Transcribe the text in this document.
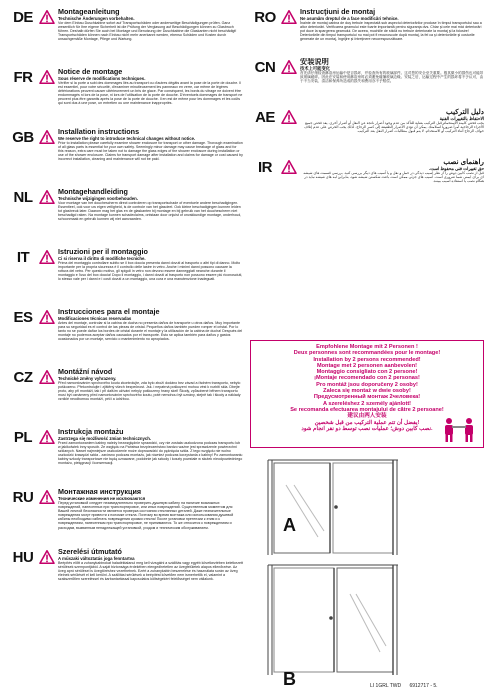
DE	Montageanleitung
Technische Änderungen vorbehalten.
Vor dem Einbau Duschkabine sofort auf Transportschäden oder anderweitige Beschädigungen prüfen. Ganz wesentlich für Ihre eigene Sicherheit ist die Prüfung der Verglasung auf Beschädigungen können zu Glasbruch führen. Deshalb dürfen Sie auch bei Montage und Benutzung der Duschkabine die Glaskanten nicht beschädigt! Transportschäden können nach Einbau nicht mehr anerkannt werden, ebenso Schäden und Kosten durch unsachgemäße Montage, Pflege und Wartung.
FR	Notice de montage
Sous réserve de modifications techniques.
Vérifier si la porte a subi des dommages liés au transport ou d'autres dégâts avant la pose de la porte de douche. Il est essentiel, pour votre sécurité, d'examiner minutieusement les panneaux en verre, car même de légères détériorations peuvent causer ultérieurement un bris de glace. Par conséquent, les bords du vitrage ne doivent être endommagés ni lors de la pose, ni lors de l'utilisation de la porte de douche. D'éventuels dommages de transport ne peuvent plus être garantis après la pose de la porte de douche. Il en est de même pour les dommages et les coûts qui sont dus à une pose, un entretien ou une maintenance inappropriés.
GB	Installation instructions
We reserve the right to introduce technical changes without notice.
Prior to installation please carefully examine shower enclosure for transport or other damage. Thorough examination of all glass parts is essential for your own safety. Seemingly minor damage may cause breakage of glass and for this reason, extra care must be taken not to damage the glass edges of the shower enclosure during installation or use of the shower enclosure. Claims for transport damage after installation and claims for damage or cost caused by incorrect installation, cleaning and maintenance will not be paid.
NL	Montagehandleiding
Technische wijzigingen voorbehouden.
Voor montage van het douchescherm direct controleren op transportschade of eventuele andere beschadigingen. Essentieel, ook voor uw eigen veiligheid, is de controle van het glasdeel. Ook kleine beschadigingen kunnen leiden tot glasbreuk later. Daarom mag het glas en de glaskanten bij montage en bij gebruik van het douchescherm niet beschadigd raken. Na montage kunnen schadeclaims, ontstaan door onjuist of onvakkundige montage, onderhoud, schoonmaak en gebruik kunnen wij niet aanvaarden.
IT	Istruzioni per il montaggio
Ci si riserva il diritto di modifiche tecniche.
Prima del montaggio controllare subito se il box doccia presenta danni dovuti al trasporto o altri tipi di danno. Molto importante per la propria sicurezza è il controllo delle lastre in vetro. Anche i minimi danni possono causare la rottura del vetro. Per questo motivo, gli spigoli in vetro non devono essere danneggiati neanche durante il montaggio e l'uso del box doccia! Dopo il montaggio, i danni dovuti al trasporto non possono essere più riconosciuti, lo stesso vale per i danni e i costi dovuti a un montaggio, una cura e una manutenzione inadeguati.
ES	Instrucciones para el montaje
Modificaciones técnicas reservadas
Antes del montaje, controlar si la cabina de ducha no presenta daños de transporte u otros daños. Muy importante para su seguridad es el control de las piezas de cristal. Pequeños daños también pueden romper el cristal. Por lo tanto no se puede dañar los bordes de cristal durante el montaje y la utilización de la cabina de ducha! Después del montaje no podemos aceptar daños causados por el transporte. Esto se aplica también para daños y gastos ocasionados por un montaje, servicio o mantenimiento no apropiados.
CZ	Montážní návod
Technické změny vyhrazeny.
Před namontováním sprchového koutu zkontrolujte, zda bylo zboží dodáno bez závad a řádném transportu, nebylo poškozeno. Překontrolujte i zjištěný všech bezpečnost. Jsk. i nepatrná poškození mohou vést k rozbití skla. Dbejte proto, aby při montáži, tak i při dalším užívání nebyly poškozeny hrany skel! Škody, způsobené během transportu musí být oznámeny před namontováním sprchového koutu, poté nemohou být uznány, stejně tak i škody a náklady vzniklé neodbornou montáží, péčí a údržbou.
PL	Instrukcja montażu
Zastrzega się możliwość zmian technicznych.
Przed zamontowaniem kabiny należy bezwzględnie sprawdzić, czy nie została uszkodzona podczas transportu lub w jakikolwiek inny sposób. Ze względu na Państwa bezpieczeństwo bardzo ważne jest sprawdzenie powierzchni szklanych. Nawet najmniejsze uszkodzenie może doprowadzić do pęknięcia szkła. Z tego względu nie wolno uszkodzić krawędzi szkła - zarówno podczas montażu, jak również podczas korzystania z kabiny! Po zamontowaniu kabiny szkody transportowe nie będą uznawane, podobnie jak szkody i koszty powstałe w skutek nieodpowiedniego montażu, pielęgnacji i konserwacji.
RU	Монтажная инструкция
Технические изменения не исключаются
Перед установкой следует незамедлительно проверить душевую кабину на наличие возможных повреждений, нанесенных при транспортировке, или иных повреждений. Существенным моментом для Вашей личной безопасности является проверка состояния стеклянных деталей. Даже незначительные повреждения могут привести к поломке стекла. Поэтому во время монтажа или использования душевой кабины необходимо избегать повреждения кромки стекла! После установки претензии к этим и к повреждениям, нанесенным при транспортировке, не принимаются. То же относится к повреждениям и расходам, вызванным ненадлежащей установкой, уходом и техническим обслуживанием.
HU	Szerelési útmutató
A műszaki változtatás joga fenntartva
Beépítés előtt a zuhanykabinokat haladéktalanul meg kell vizsgálni a szállítás vagy egyéb következtében keletkezett sérülések szempontjából. A saját biztonsága érdekében elengedhetetlen az üvegfelületek alapos ellenőrzése. Az üveg apró sérülései is üvegtöréshez vezethetnek. Ezért a zuhanykabin beszerelése és használata során az üveg éleinek sérülését el kell kerülni. A szállítási sérülések a beépítést követően nem ismerhetők el, valamint a szakszerűtlen szereléssel és karbantartással kapcsolatos költségekért felelősséget nem vállalunk.
RO	Instrucţiuni de montaj
Ne asumăm dreptul de a face modificări tehnice.
Înainte de montaj cabina de duş trebuie inspectată sub aspectul deteriorărilor produse în timpul transportului sau a altor deteriorări. Verificarea geamului este foarte importantă pentru siguranţa dvs. Chiar şi cele mai mici deteriorări pot duce la spargerea geamului. De aceea, muchiile de sticlă nu trebuie deteriorate la montaj şi la folosire! Deteriorările din timpul transportului nu mai pot fi recunoscute după montaj, la fel ca şi deteriorările şi costurile generate de un montaj, îngrijire şi întreţinere necorespunzătoare.
CN	安装说明
技术上可能变化
首先请仔细检查淋浴房运输中是否损坏，并检查所有的玻璃部件。这对您的安全至关重要。极其微小的损伤也可能导致玻璃破碎。因此在安装和使用淋浴房时必须避免碰撞玻璃边缘。安装之后，运输过程中产生的损坏将不予认可，由于不当安装、清洁和保养所造成的损失和费用亦不予赔偿。
AE	دليل التركيب
الاحتفاظ بالتغييرات الفنية
يجب فحص كابينة الاستحمام قبل التركيب بعناية للتأكد من عدم وجود أضرار ناتجة عن النقل أو أضرار أخرى. يعد فحص جميع الأجزاء الزجاجية أمراً ضرورياً لسلامتك. يمكن أن تؤدي الأضرار الطفيفة إلى كسر الزجاج، لذلك يجب الحرص على عدم إتلاف حواف الزجاج أثناء التركيب أو الاستخدام. لا يتم قبول مطالبات أضرار النقل بعد التركيب.
IR	راهنمای نصب
حق تغییرات فنی محفوظ است.
قبل از نصب کابین دوش را از نظر آسیب دیدگی در حمل و نقل و یا آسیب های دیگر بررسی کنید. بررسی قسمت های شیشه ای برای ایمنی شما ضروری است. آسیب های جزئی ممکن است باعث شکستن شیشه شود، بنابراین لبه های شیشه نباید در هنگام نصب یا استفاده آسیب ببینند.
Empfohlene Montage mit 2 Personen !
Deux personnes sont recommandées pour le montage!
Installation by 2 persons recommended!
Montage met 2 personen aanbevolen!
Montaggio consigliato con 2 persone!
¡Montaje recomendado con 2 personas!
Pro montáž jsou doporučeny 2 osoby!
Zaleca się montaż w dwie osoby!
Предусмотренный монтаж 2человека!
A szereléshez 2 személy ajánlott!
Se recomanda efectuarea montajului de către 2 persoane!
建议由两人安装
يفضل أن تتم عملية التركيب من قبل شخصين!
نصب کابین دوش؛ عملیات نصب توسط دو نفر انجام شود.
A
B	LI 1GRL TWD 6912717 - 5.
